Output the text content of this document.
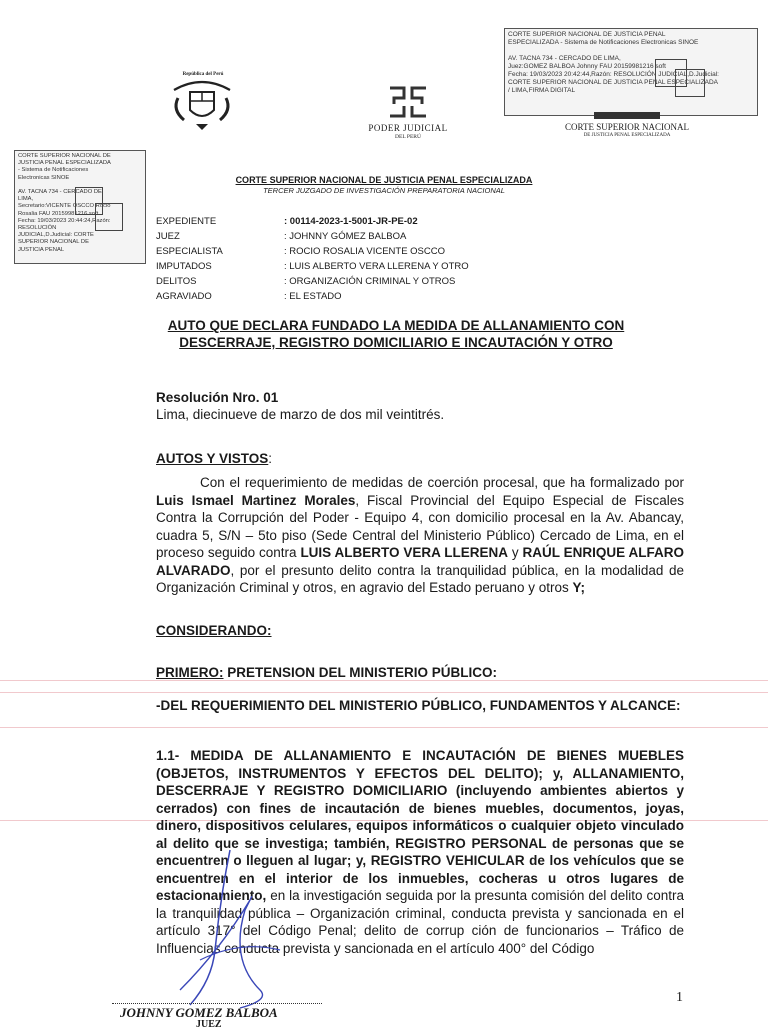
CORTE SUPERIOR NACIONAL DE JUSTICIA PENAL
ESPECIALIZADA - Sistema de Notificaciones Electronicas SINOE

AV. TACNA 734 - CERCADO DE LIMA,
Juez:GOMEZ BALBOA Johnny FAU 20159981216 soft
Fecha: 19/03/2023 20:42:44,Razón: RESOLUCIÓN JUDICIAL,D.Judicial:
CORTE SUPERIOR NACIONAL DE JUSTICIA PENAL ESPECIALIZADA
/ LIMA,FIRMA DIGITAL
CORTE SUPERIOR NACIONAL DE
JUSTICIA PENAL ESPECIALIZADA
- Sistema de Notificaciones
Electronicas SINOE

AV. TACNA 734 - CERCADO DE
LIMA,
Secretario:VICENTE OSCCO Rocio
Rosalia FAU 20159981216 soft
Fecha: 19/03/2023 20:44:24,Razón:
RESOLUCIÓN
JUDICIAL,D.Judicial: CORTE
SUPERIOR NACIONAL DE
JUSTICIA PENAL
República del Perú
PODER JUDICIAL
DEL PERÚ
CORTE SUPERIOR NACIONAL
DE JUSTICIA PENAL ESPECIALIZADA
CORTE SUPERIOR NACIONAL DE JUSTICIA PENAL ESPECIALIZADA
TERCER JUZGADO DE INVESTIGACIÓN PREPARATORIA NACIONAL
EXPEDIENTE	: 00114-2023-1-5001-JR-PE-02
JUEZ	: JOHNNY GÓMEZ BALBOA
ESPECIALISTA	: ROCIO ROSALIA VICENTE OSCCO
IMPUTADOS	: LUIS ALBERTO VERA LLERENA Y OTRO
DELITOS	: ORGANIZACIÓN CRIMINAL Y OTROS
AGRAVIADO	: EL ESTADO
AUTO QUE DECLARA FUNDADO LA MEDIDA DE ALLANAMIENTO CON DESCERRAJE, REGISTRO DOMICILIARIO E INCAUTACIÓN Y OTRO
Resolución Nro. 01
Lima, diecinueve de marzo de dos mil veintitrés.
AUTOS Y VISTOS:
Con el requerimiento de medidas de coerción procesal, que ha formalizado por Luis Ismael Martinez Morales, Fiscal Provincial del Equipo Especial de Fiscales Contra la Corrupción del Poder - Equipo 4, con domicilio procesal en la Av. Abancay, cuadra 5, S/N – 5to piso (Sede Central del Ministerio Público) Cercado de Lima, en el proceso seguido contra LUIS ALBERTO VERA LLERENA y RAÚL ENRIQUE ALFARO ALVARADO, por el presunto delito contra la tranquilidad pública, en la modalidad de Organización Criminal y otros, en agravio del Estado peruano y otros Y;
CONSIDERANDO:
PRIMERO: PRETENSION DEL MINISTERIO PÚBLICO:
-DEL REQUERIMIENTO DEL MINISTERIO PÚBLICO, FUNDAMENTOS Y ALCANCE:
1.1- MEDIDA DE ALLANAMIENTO E INCAUTACIÓN DE BIENES MUEBLES (OBJETOS, INSTRUMENTOS Y EFECTOS DEL DELITO); y, ALLANAMIENTO, DESCERRAJE Y REGISTRO DOMICILIARIO (incluyendo ambientes abiertos y cerrados) con fines de incautación de bienes muebles, documentos, joyas, dinero, dispositivos celulares, equipos informáticos o cualquier objeto vinculado al delito que se investiga; también, REGISTRO PERSONAL de personas que se encuentren o lleguen al lugar; y, REGISTRO VEHICULAR de los vehículos que se encuentren en el interior de los inmuebles, cocheras u otros lugares de estacionamiento, en la investigación seguida por la presunta comisión del delito contra la tranquilidad pública – Organización criminal, conducta prevista y sancionada en el artículo 317° del Código Penal; delito de corrup ción de funcionarios – Tráfico de Influencias conducta prevista y sancionada en el artículo 400° del Código
JOHNNY GOMEZ BALBOA
JUEZ
1
